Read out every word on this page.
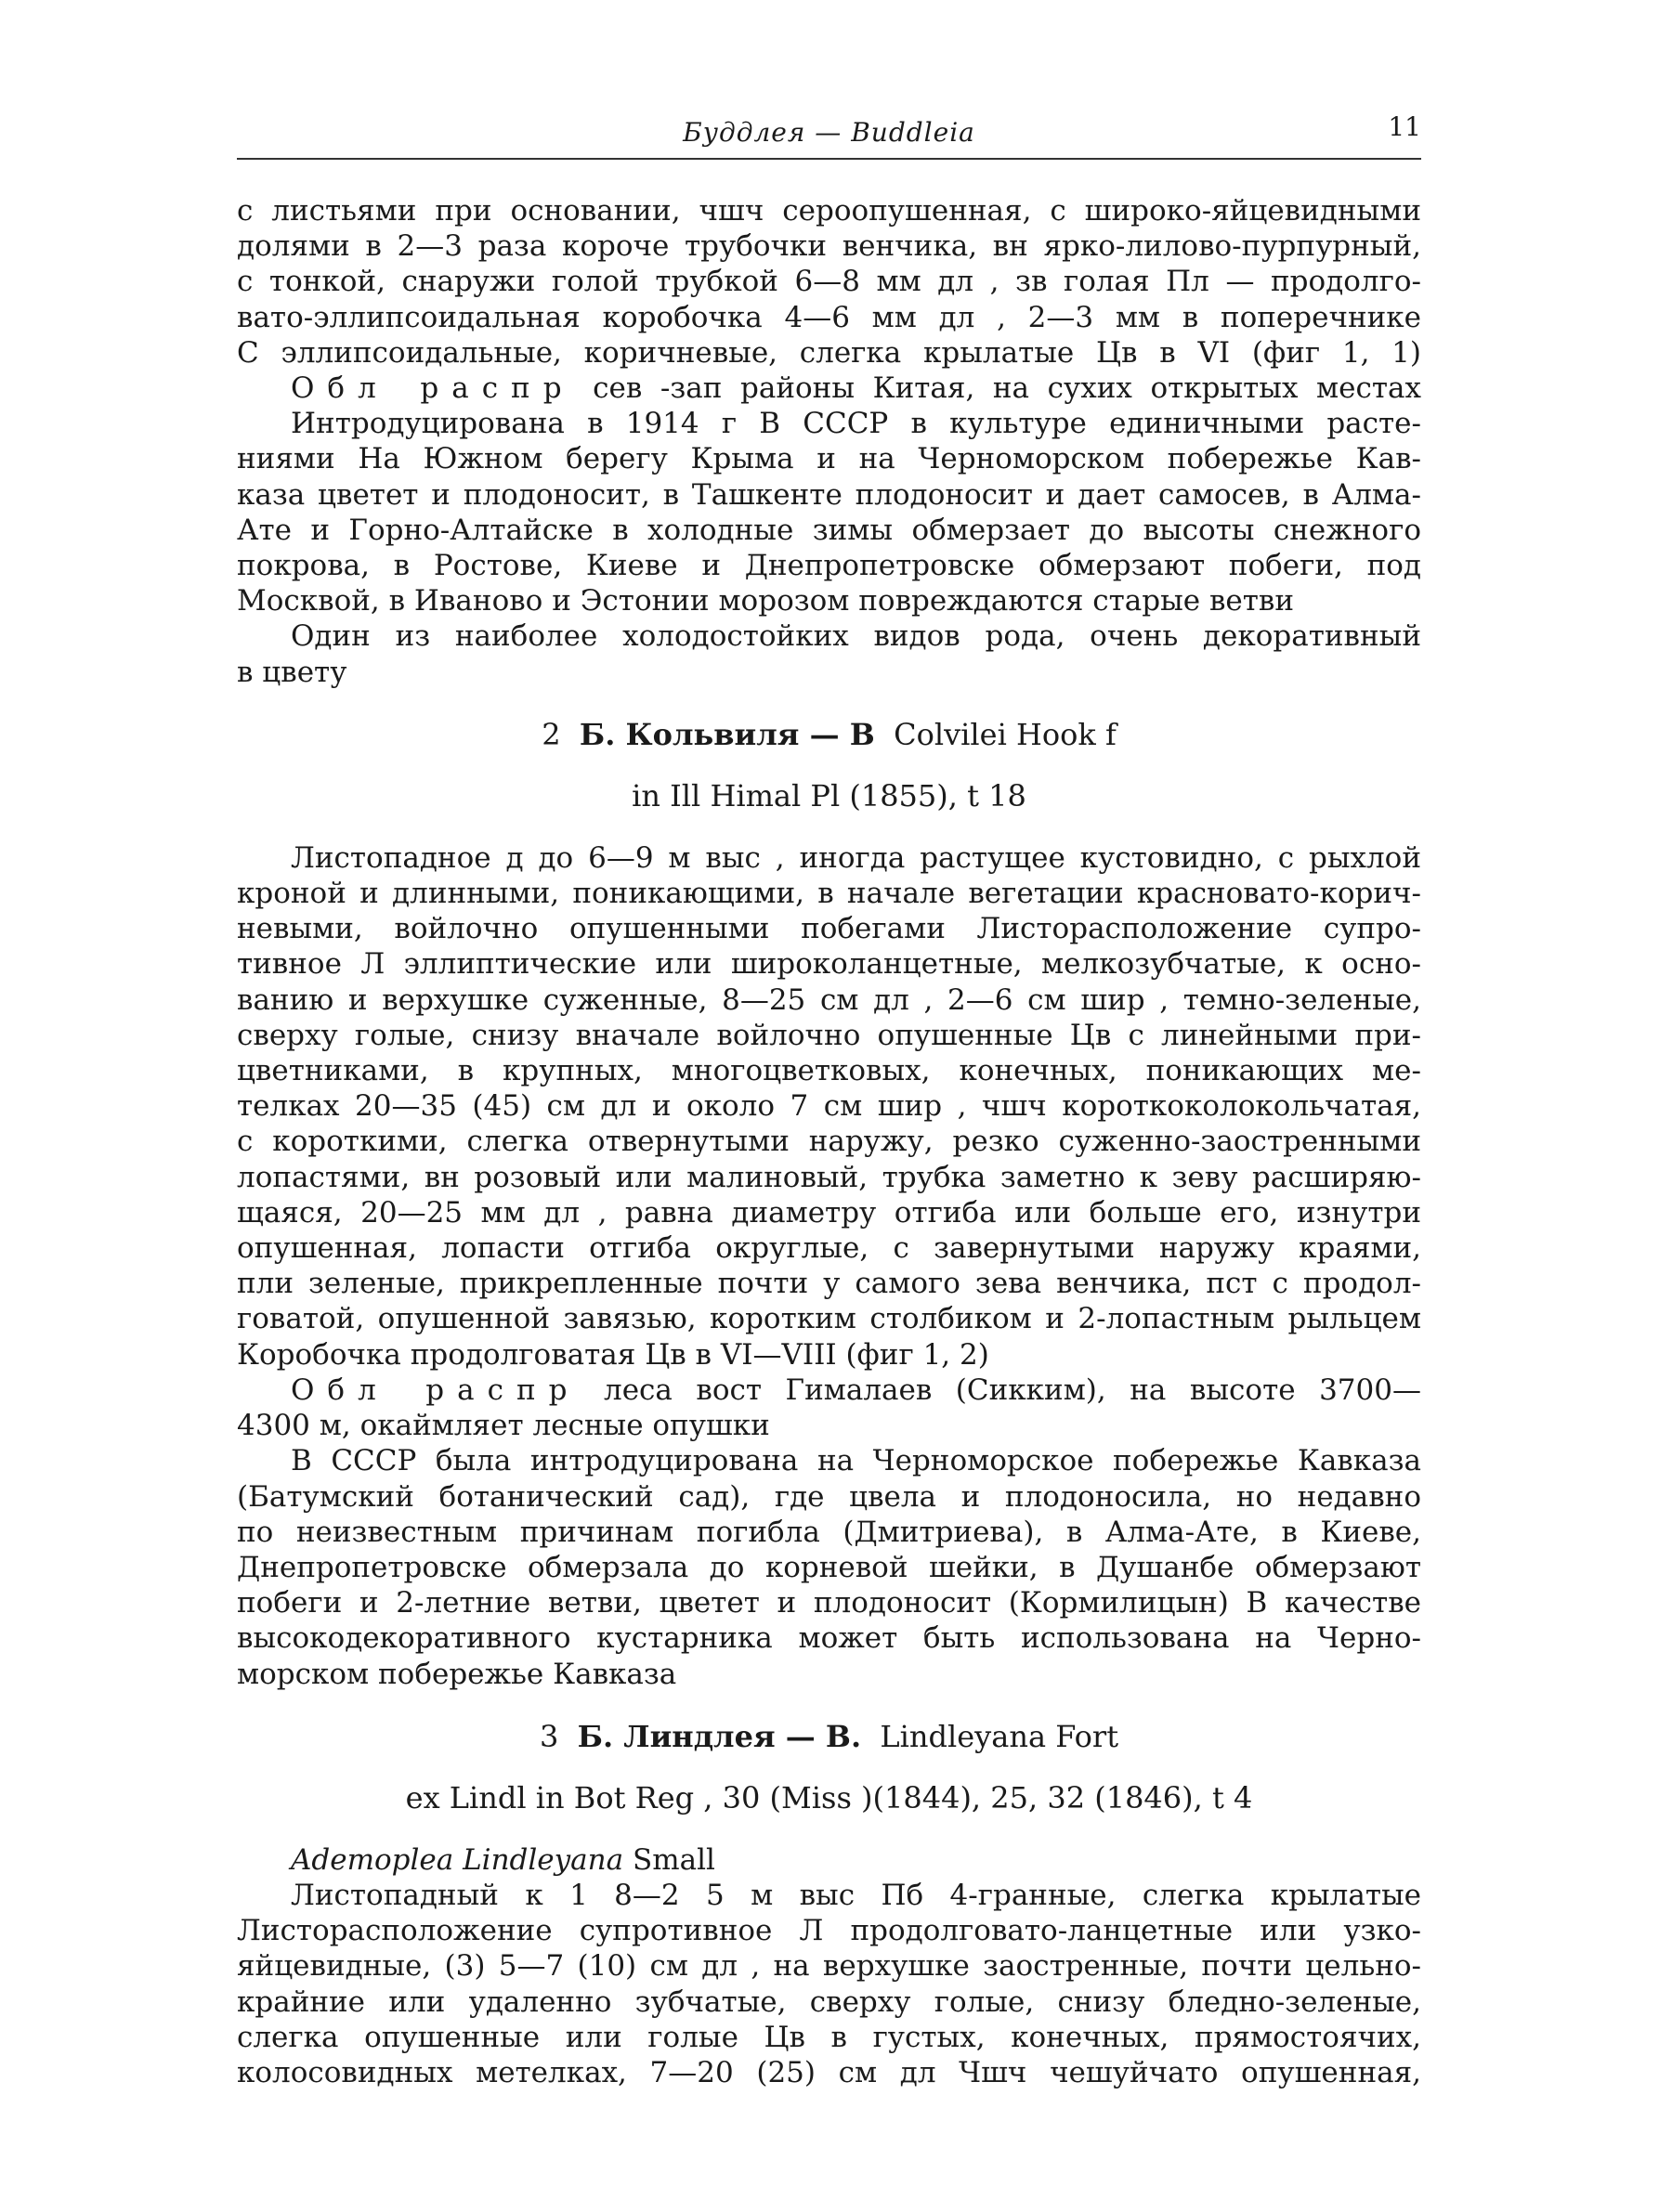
Буддлея — Buddleia	11
с листьями при основании, чшч сероопушенная, с широко-яйцевидными
долями в 2—3 раза короче трубочки венчика, вн ярко-лилово-пурпурный,
с тонкой, снаружи голой трубкой 6—8 мм дл , зв голая Пл — продолго-
вато-эллипсоидальная коробочка 4—6 мм дл , 2—3 мм в поперечнике
С эллипсоидальные, коричневые, слегка крылатые Цв в VI (фиг 1, 1)
Обл распр сев -зап районы Китая, на сухих открытых местах
Интродуцирована в 1914 г В СССР в культуре единичными расте-
ниями На Южном берегу Крыма и на Черноморском побережье Кав-
каза цветет и плодоносит, в Ташкенте плодоносит и дает самосев, в Алма-
Ате и Горно-Алтайске в холодные зимы обмерзает до высоты снежного
покрова, в Ростове, Киеве и Днепропетровске обмерзают побеги, под
Москвой, в Иваново и Эстонии морозом повреждаются старые ветви
Один из наиболее холодостойких видов рода, очень декоративный
в цвету
2 Б. Кольвиля — B Colvilei Hook f
in Ill Himal Pl (1855), t 18
Листопадное д до 6—9 м выс , иногда растущее кустовидно, с рыхлой
кроной и длинными, поникающими, в начале вегетации красновато-корич-
невыми, войлочно опушенными побегами Листорасположение супро-
тивное Л эллиптические или широколанцетные, мелкозубчатые, к осно-
ванию и верхушке суженные, 8—25 см дл , 2—6 см шир , темно-зеленые,
сверху голые, снизу вначале войлочно опушенные Цв с линейными при-
цветниками, в крупных, многоцветковых, конечных, поникающих ме-
телках 20—35 (45) см дл и около 7 см шир , чшч короткоколокольчатая,
с короткими, слегка отвернутыми наружу, резко суженно-заостренными
лопастями, вн розовый или малиновый, трубка заметно к зеву расширяю-
щаяся, 20—25 мм дл , равна диаметру отгиба или больше его, изнутри
опушенная, лопасти отгиба округлые, с завернутыми наружу краями,
пли зеленые, прикрепленные почти у самого зева венчика, пст с продол-
говатой, опушенной завязью, коротким столбиком и 2-лопастным рыльцем
Коробочка продолговатая Цв в VI—VIII (фиг 1, 2)
Обл распр леса вост Гималаев (Сикким), на высоте 3700—
4300 м, окаймляет лесные опушки
В СССР была интродуцирована на Черноморское побережье Кавказа
(Батумский ботанический сад), где цвела и плодоносила, но недавно
по неизвестным причинам погибла (Дмитриева), в Алма-Ате, в Киеве,
Днепропетровске обмерзала до корневой шейки, в Душанбе обмерзают
побеги и 2-летние ветви, цветет и плодоносит (Кормилицын) В качестве
высокодекоративного кустарника может быть использована на Черно-
морском побережье Кавказа
3 Б. Линдлея — B. Lindleyana Fort
ex Lindl in Bot Reg , 30 (Miss )(1844), 25, 32 (1846), t 4
Ademoplea Lindleyana Small
Листопадный к 1 8—2 5 м выс Пб 4-гранные, слегка крылатые
Листорасположение супротивное Л продолговато-ланцетные или узко-
яйцевидные, (3) 5—7 (10) см дл , на верхушке заостренные, почти цельно-
крайние или удаленно зубчатые, сверху голые, снизу бледно-зеленые,
слегка опушенные или голые Цв в густых, конечных, прямостоячих,
колосовидных метелках, 7—20 (25) см дл Чшч чешуйчато опушенная,
